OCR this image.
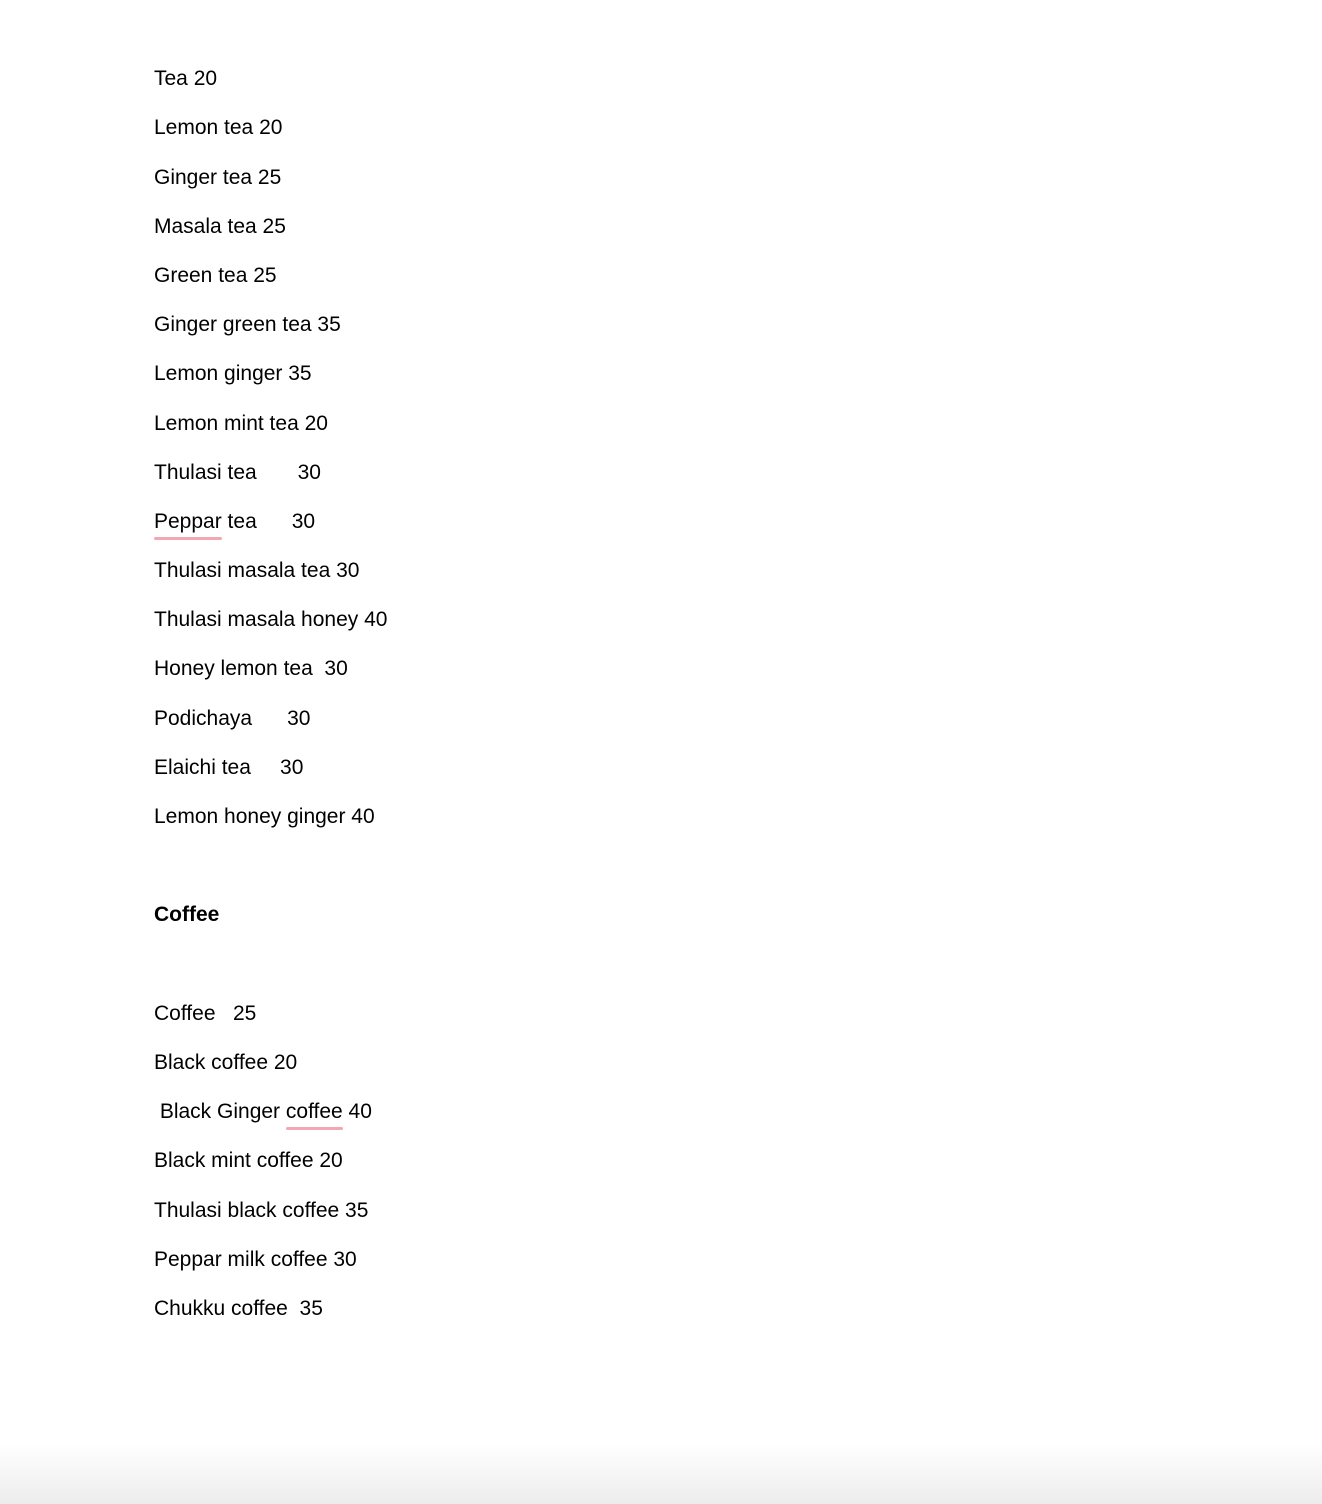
Tea 20

Lemon tea 20

Ginger tea 25

Masala tea 25

Green tea 25

Ginger green tea 35

Lemon ginger 35

Lemon mint tea 20

Thulasi tea       30

Peppar tea      30

Thulasi masala tea 30

Thulasi masala honey 40

Honey lemon tea  30

Podichaya      30

Elaichi tea     30

Lemon honey ginger 40

Coffee

Coffee   25

Black coffee 20

Black Ginger coffee 40

Black mint coffee 20

Thulasi black coffee 35

Peppar milk coffee 30

Chukku coffee  35
